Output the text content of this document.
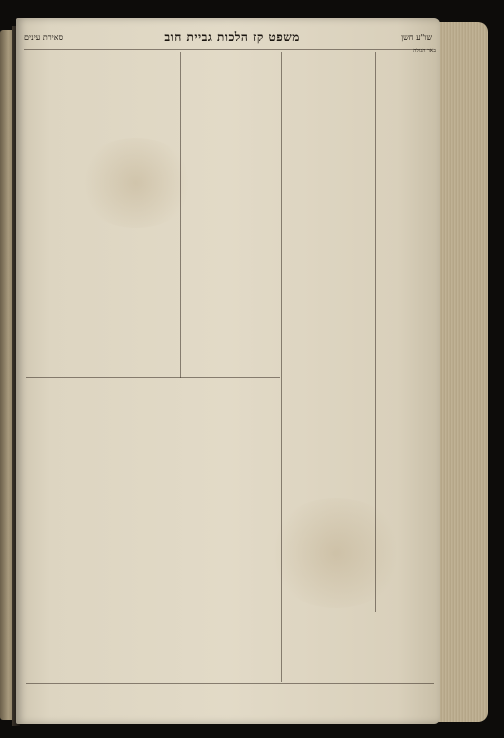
שו"ע חשן
משפט קז הלכות גביית חוב
סאירת עינים
באר הגולה
